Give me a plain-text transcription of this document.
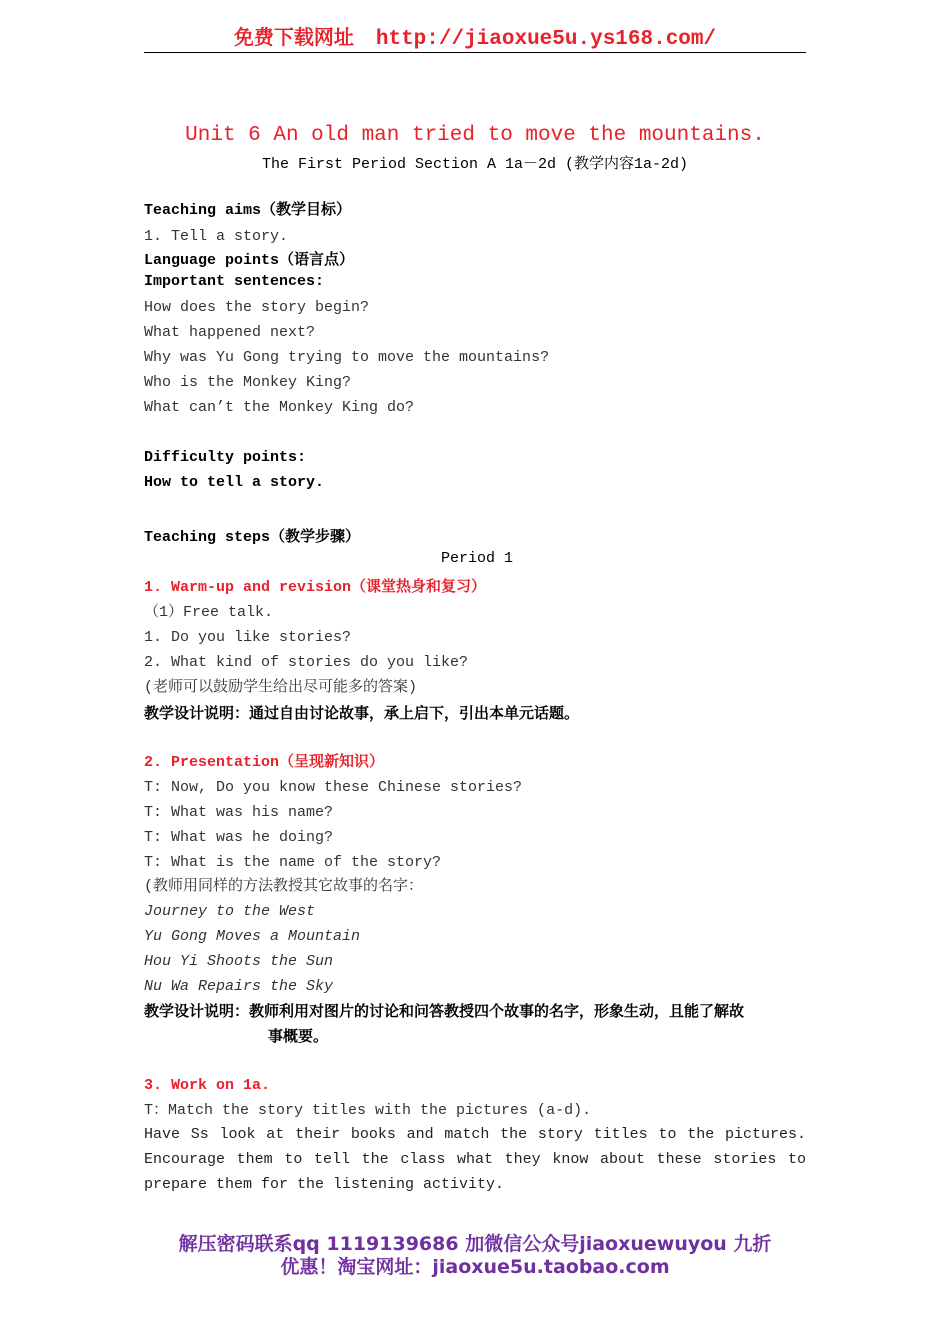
免费下载网址 http://jiaoxue5u.ys168.com/
Unit 6 An old man tried to move the mountains.
The First Period Section A 1a－2d (教学内容1a-2d)
Teaching aims（教学目标）
1. Tell a story.
Language points（语言点）
Important sentences:
How does the story begin?
What happened next?
Why was Yu Gong trying to move the mountains?
Who is the Monkey King?
What can’t the Monkey King do?
Difficulty points:
How to tell a story.
Teaching steps（教学步骤）
Period 1
1. Warm-up and revision（课堂热身和复习）
（1）Free talk.
1. Do you like stories?
2. What kind of stories do you like?
(老师可以鼓励学生给出尽可能多的答案)
教学设计说明：通过自由讨论故事，承上启下，引出本单元话题。
2. Presentation（呈现新知识）
T: Now, Do you know these Chinese stories?
T: What was his name?
T: What was he doing?
T: What is the name of the story?
(教师用同样的方法教授其它故事的名字：
Journey to the West
Yu Gong Moves a Mountain
Hou Yi Shoots the Sun
Nu Wa Repairs the Sky
教学设计说明：教师利用对图片的讨论和问答教授四个故事的名字，形象生动，且能了解故
事概要。
3. Work on 1a.
T：Match the story titles with the pictures (a-d).
Have Ss look at their books and match the story titles to the pictures. Encourage them to tell the class what they know about these stories to prepare them for the listening activity.
解压密码联系qq 1119139686 加微信公众号jiaoxuewuyou 九折
优惠！淘宝网址：jiaoxue5u.taobao.com
